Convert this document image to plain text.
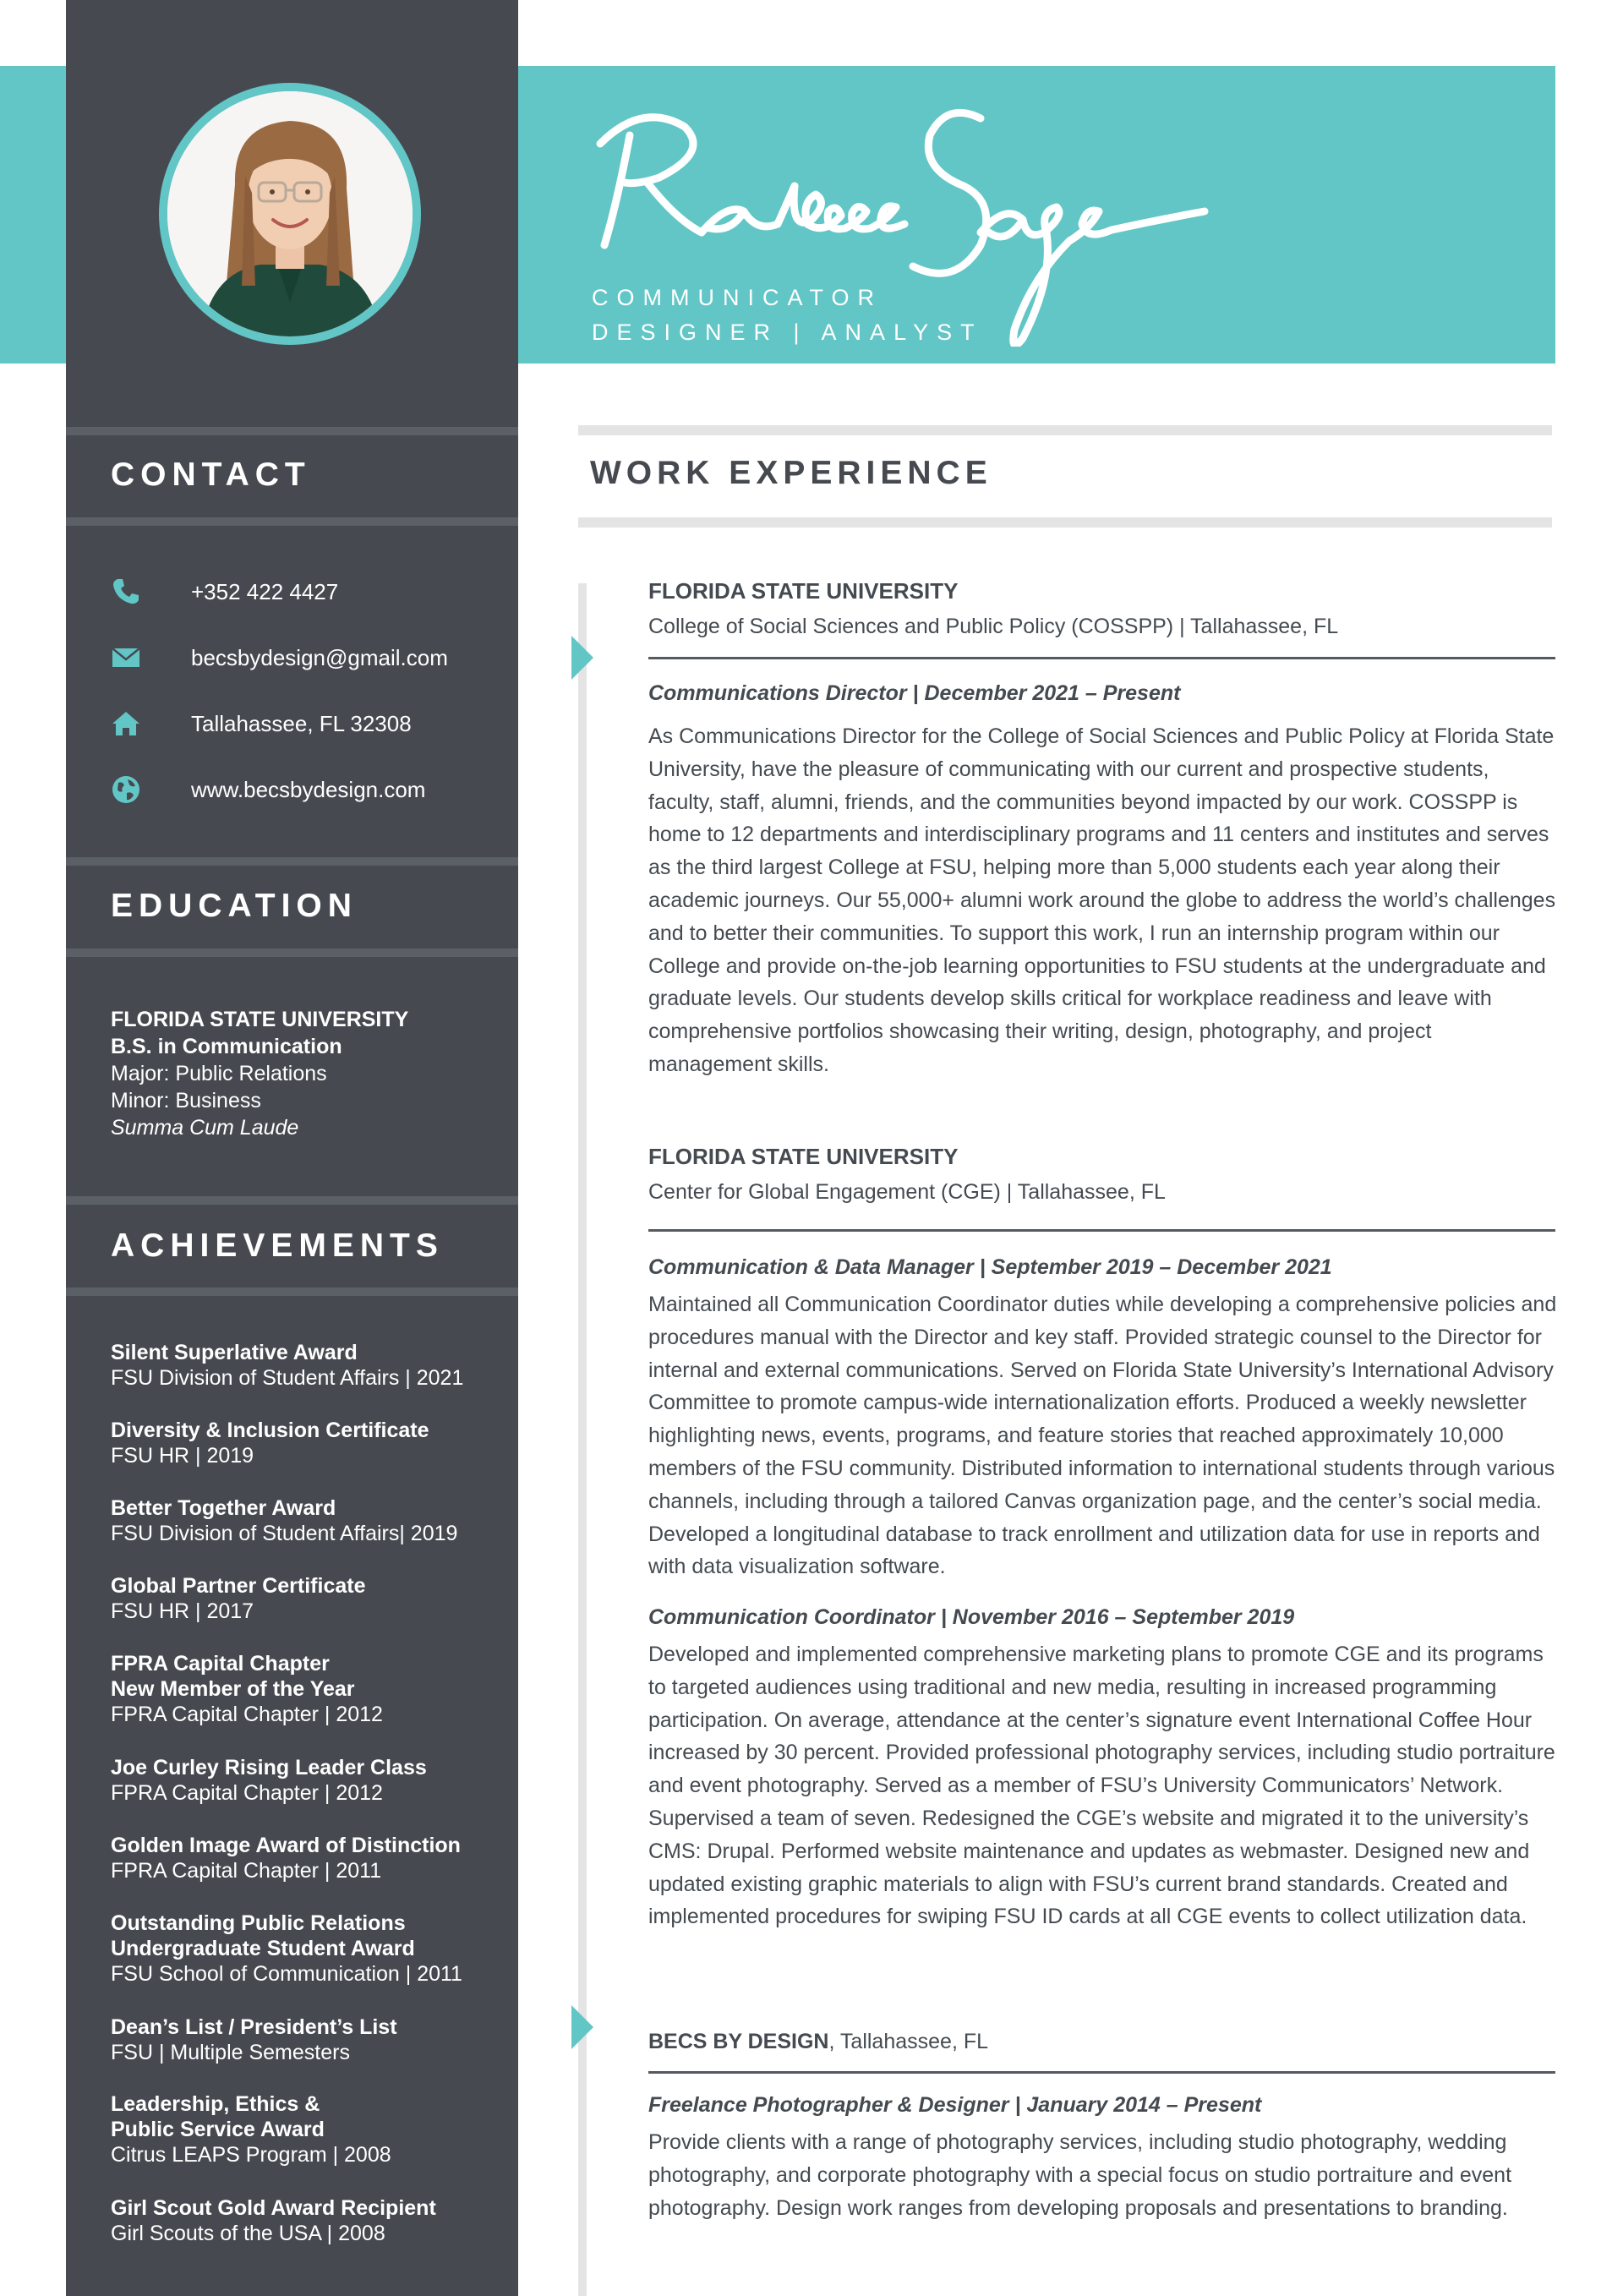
COMMUNICATOR
DESIGNER | ANALYST
CONTACT
+352 422 4427
becsbydesign@gmail.com
Tallahassee, FL 32308
www.becsbydesign.com
EDUCATION
FLORIDA STATE UNIVERSITY
B.S. in Communication
Major: Public Relations
Minor: Business
Summa Cum Laude
ACHIEVEMENTS
Silent Superlative Award
FSU Division of Student Affairs | 2021
Diversity & Inclusion Certificate
FSU HR | 2019
Better Together Award
FSU Division of Student Affairs| 2019
Global Partner Certificate
FSU HR | 2017
FPRA Capital Chapter
New Member of the Year
FPRA Capital Chapter | 2012
Joe Curley Rising Leader Class
FPRA Capital Chapter | 2012
Golden Image Award of Distinction
FPRA Capital Chapter | 2011
Outstanding Public Relations
Undergraduate Student Award
FSU School of Communication | 2011
Dean’s List / President’s List
FSU | Multiple Semesters
Leadership, Ethics &
Public Service Award
Citrus LEAPS Program | 2008
Girl Scout Gold Award Recipient
Girl Scouts of the USA | 2008
WORK EXPERIENCE
FLORIDA STATE UNIVERSITY
College of Social Sciences and Public Policy (COSSPP) | Tallahassee, FL
Communications Director | December 2021 – Present
As Communications Director for the College of Social Sciences and Public Policy at Florida State University, have the pleasure of communicating with our current and prospective students, faculty, staff, alumni, friends, and the communities beyond impacted by our work. COSSPP is home to 12 departments and interdisciplinary programs and 11 centers and institutes and serves as the third largest College at FSU, helping more than 5,000 students each year along their academic journeys. Our 55,000+ alumni work around the globe to address the world’s challenges and to better their communities. To support this work, I run an internship program within our College and provide on-the-job learning opportunities to FSU students at the undergraduate and graduate levels. Our students develop skills critical for workplace readiness and leave with comprehensive portfolios showcasing their writing, design, photography, and project management skills.
FLORIDA STATE UNIVERSITY
Center for Global Engagement (CGE) | Tallahassee, FL
Communication & Data Manager | September 2019 – December 2021
Maintained all Communication Coordinator duties while developing a comprehensive policies and procedures manual with the Director and key staff. Provided strategic counsel to the Director for internal and external communications. Served on Florida State University’s International Advisory Committee to promote campus-wide internationalization efforts. Produced a weekly newsletter highlighting news, events, programs, and feature stories that reached approximately 10,000 members of the FSU community. Distributed information to international students through various channels, including through a tailored Canvas organization page, and the center’s social media. Developed a longitudinal database to track enrollment and utilization data for use in reports and with data visualization software.
Communication Coordinator | November 2016 – September 2019
Developed and implemented comprehensive marketing plans to promote CGE and its programs to targeted audiences using traditional and new media, resulting in increased programming participation. On average, attendance at the center’s signature event International Coffee Hour increased by 30 percent. Provided professional photography services, including studio portraiture and event photography. Served as a member of FSU’s University Communicators’ Network. Supervised a team of seven. Redesigned the CGE’s website and migrated it to the university’s CMS: Drupal. Performed website maintenance and updates as webmaster. Designed new and updated existing graphic materials to align with FSU’s current brand standards. Created and implemented procedures for swiping FSU ID cards at all CGE events to collect utilization data.
BECS BY DESIGN, Tallahassee, FL
Freelance Photographer & Designer | January 2014 – Present
Provide clients with a range of photography services, including studio photography, wedding photography, and corporate photography with a special focus on studio portraiture and event photography. Design work ranges from developing proposals and presentations to branding.
